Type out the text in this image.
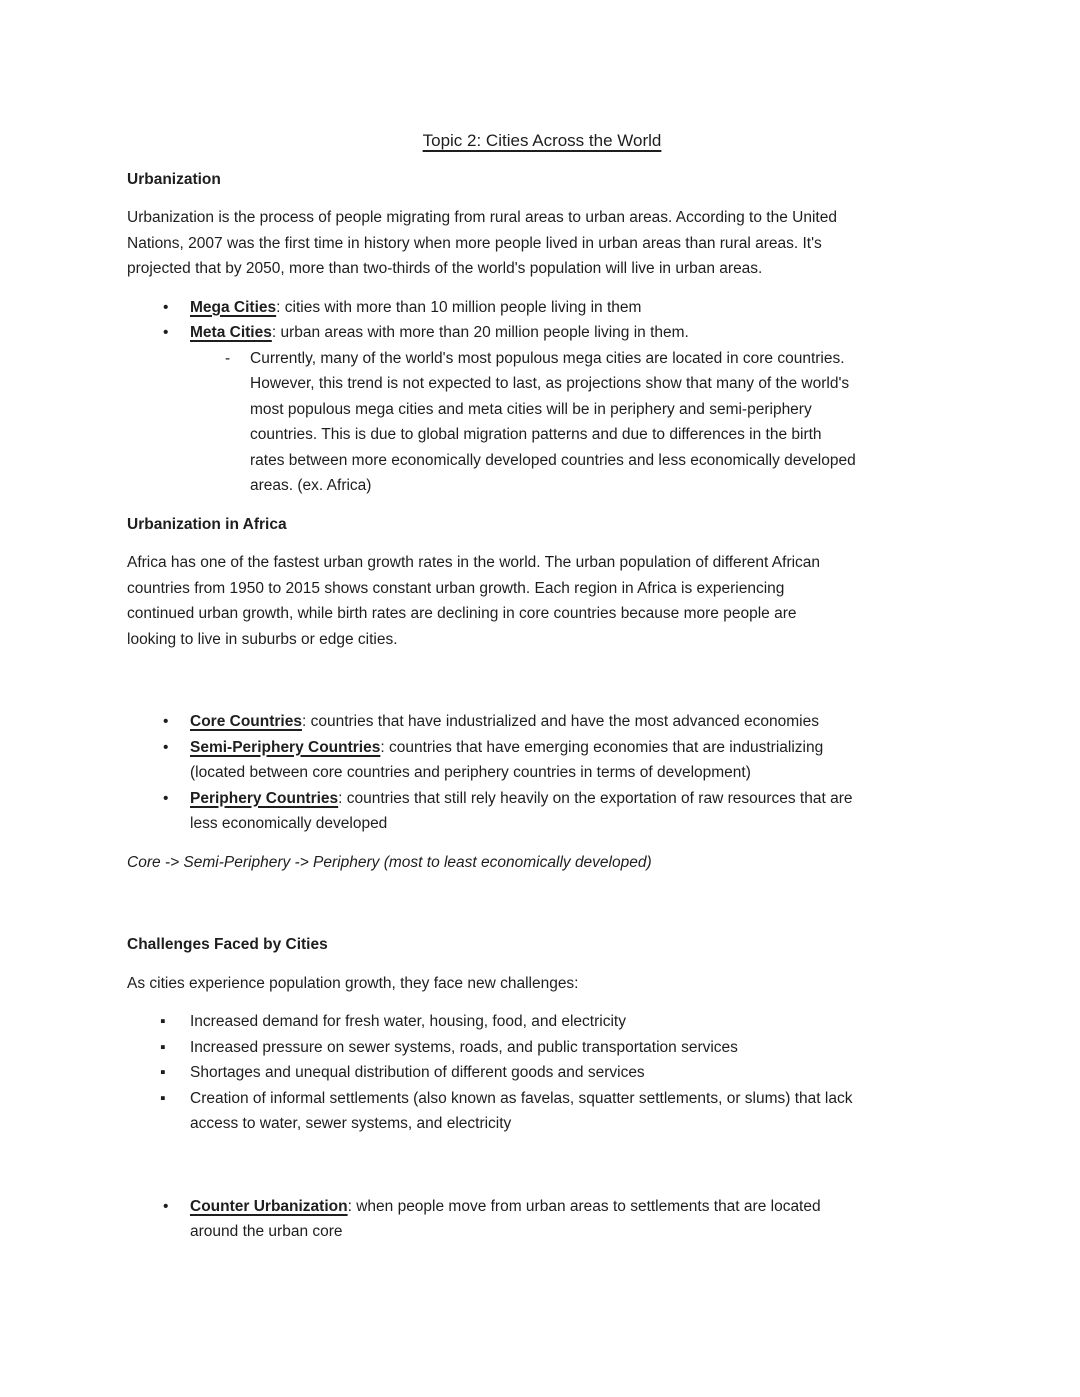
Topic 2: Cities Across the World
Urbanization
Urbanization is the process of people migrating from rural areas to urban areas. According to the United
Nations, 2007 was the first time in history when more people lived in urban areas than rural areas. It's
projected that by 2050, more than two-thirds of the world's population will live in urban areas.
•	Mega Cities: cities with more than 10 million people living in them
•	Meta Cities: urban areas with more than 20 million people living in them.
-	Currently, many of the world's most populous mega cities are located in core countries.
However, this trend is not expected to last, as projections show that many of the world's
most populous mega cities and meta cities will be in periphery and semi-periphery
countries. This is due to global migration patterns and due to differences in the birth
rates between more economically developed countries and less economically developed
areas. (ex. Africa)
Urbanization in Africa
Africa has one of the fastest urban growth rates in the world. The urban population of different African
countries from 1950 to 2015 shows constant urban growth. Each region in Africa is experiencing
continued urban growth, while birth rates are declining in core countries because more people are
looking to live in suburbs or edge cities.
•	Core Countries: countries that have industrialized and have the most advanced economies
•	Semi-Periphery Countries: countries that have emerging economies that are industrializing
(located between core countries and periphery countries in terms of development)
•	Periphery Countries: countries that still rely heavily on the exportation of raw resources that are
less economically developed
Core -> Semi-Periphery -> Periphery (most to least economically developed)
Challenges Faced by Cities
As cities experience population growth, they face new challenges:
▪	Increased demand for fresh water, housing, food, and electricity
▪	Increased pressure on sewer systems, roads, and public transportation services
▪	Shortages and unequal distribution of different goods and services
▪	Creation of informal settlements (also known as favelas, squatter settlements, or slums) that lack
access to water, sewer systems, and electricity
•	Counter Urbanization: when people move from urban areas to settlements that are located
around the urban core
